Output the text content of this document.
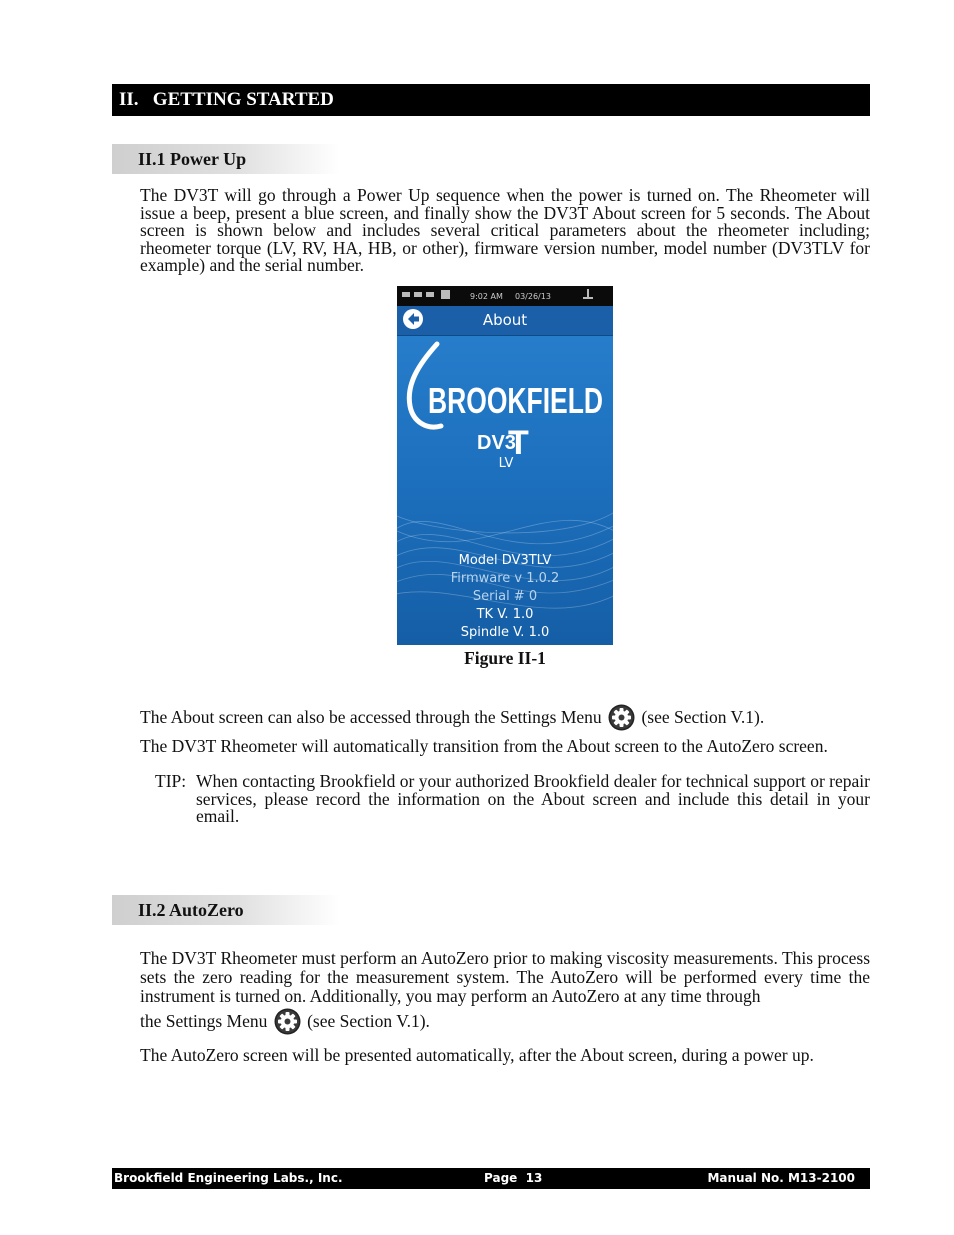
II.   GETTING STARTED
II.1 Power Up

The DV3T will go through a Power Up sequence when the power is turned on. The Rheometer will issue a beep, present a blue screen, and finally show the DV3T About screen for 5 seconds. The About screen is shown below and includes several critical parameters about the rheometer including; rheometer torque (LV, RV, HA, HB, or other), firmware version number, model number (DV3TLV for example) and the serial number.

9:02 AM 03/26/13
About
BROOKFIELD
DV3
T
LV
Model DV3TLV
Firmware v 1.0.2
Serial # 0
TK V. 1.0
Spindle V. 1.0
Figure II-1

The About screen can also be accessed through the Settings Menu (see Section V.1).

The DV3T Rheometer will automatically transition from the About screen to the AutoZero screen.

TIP: When contacting Brookfield or your authorized Brookfield dealer for technical support or repair services, please record the information on the About screen and include this detail in your email.
II.2 AutoZero

The DV3T Rheometer must perform an AutoZero prior to making viscosity measurements. This process sets the zero reading for the measurement system. The AutoZero will be performed every time the instrument is turned on. Additionally, you may perform an AutoZero at any time through

the Settings Menu (see Section V.1).

The AutoZero screen will be presented automatically, after the About screen, during a power up.

Brookfield Engineering Labs., Inc.	Page  13	Manual No. M13-2100
